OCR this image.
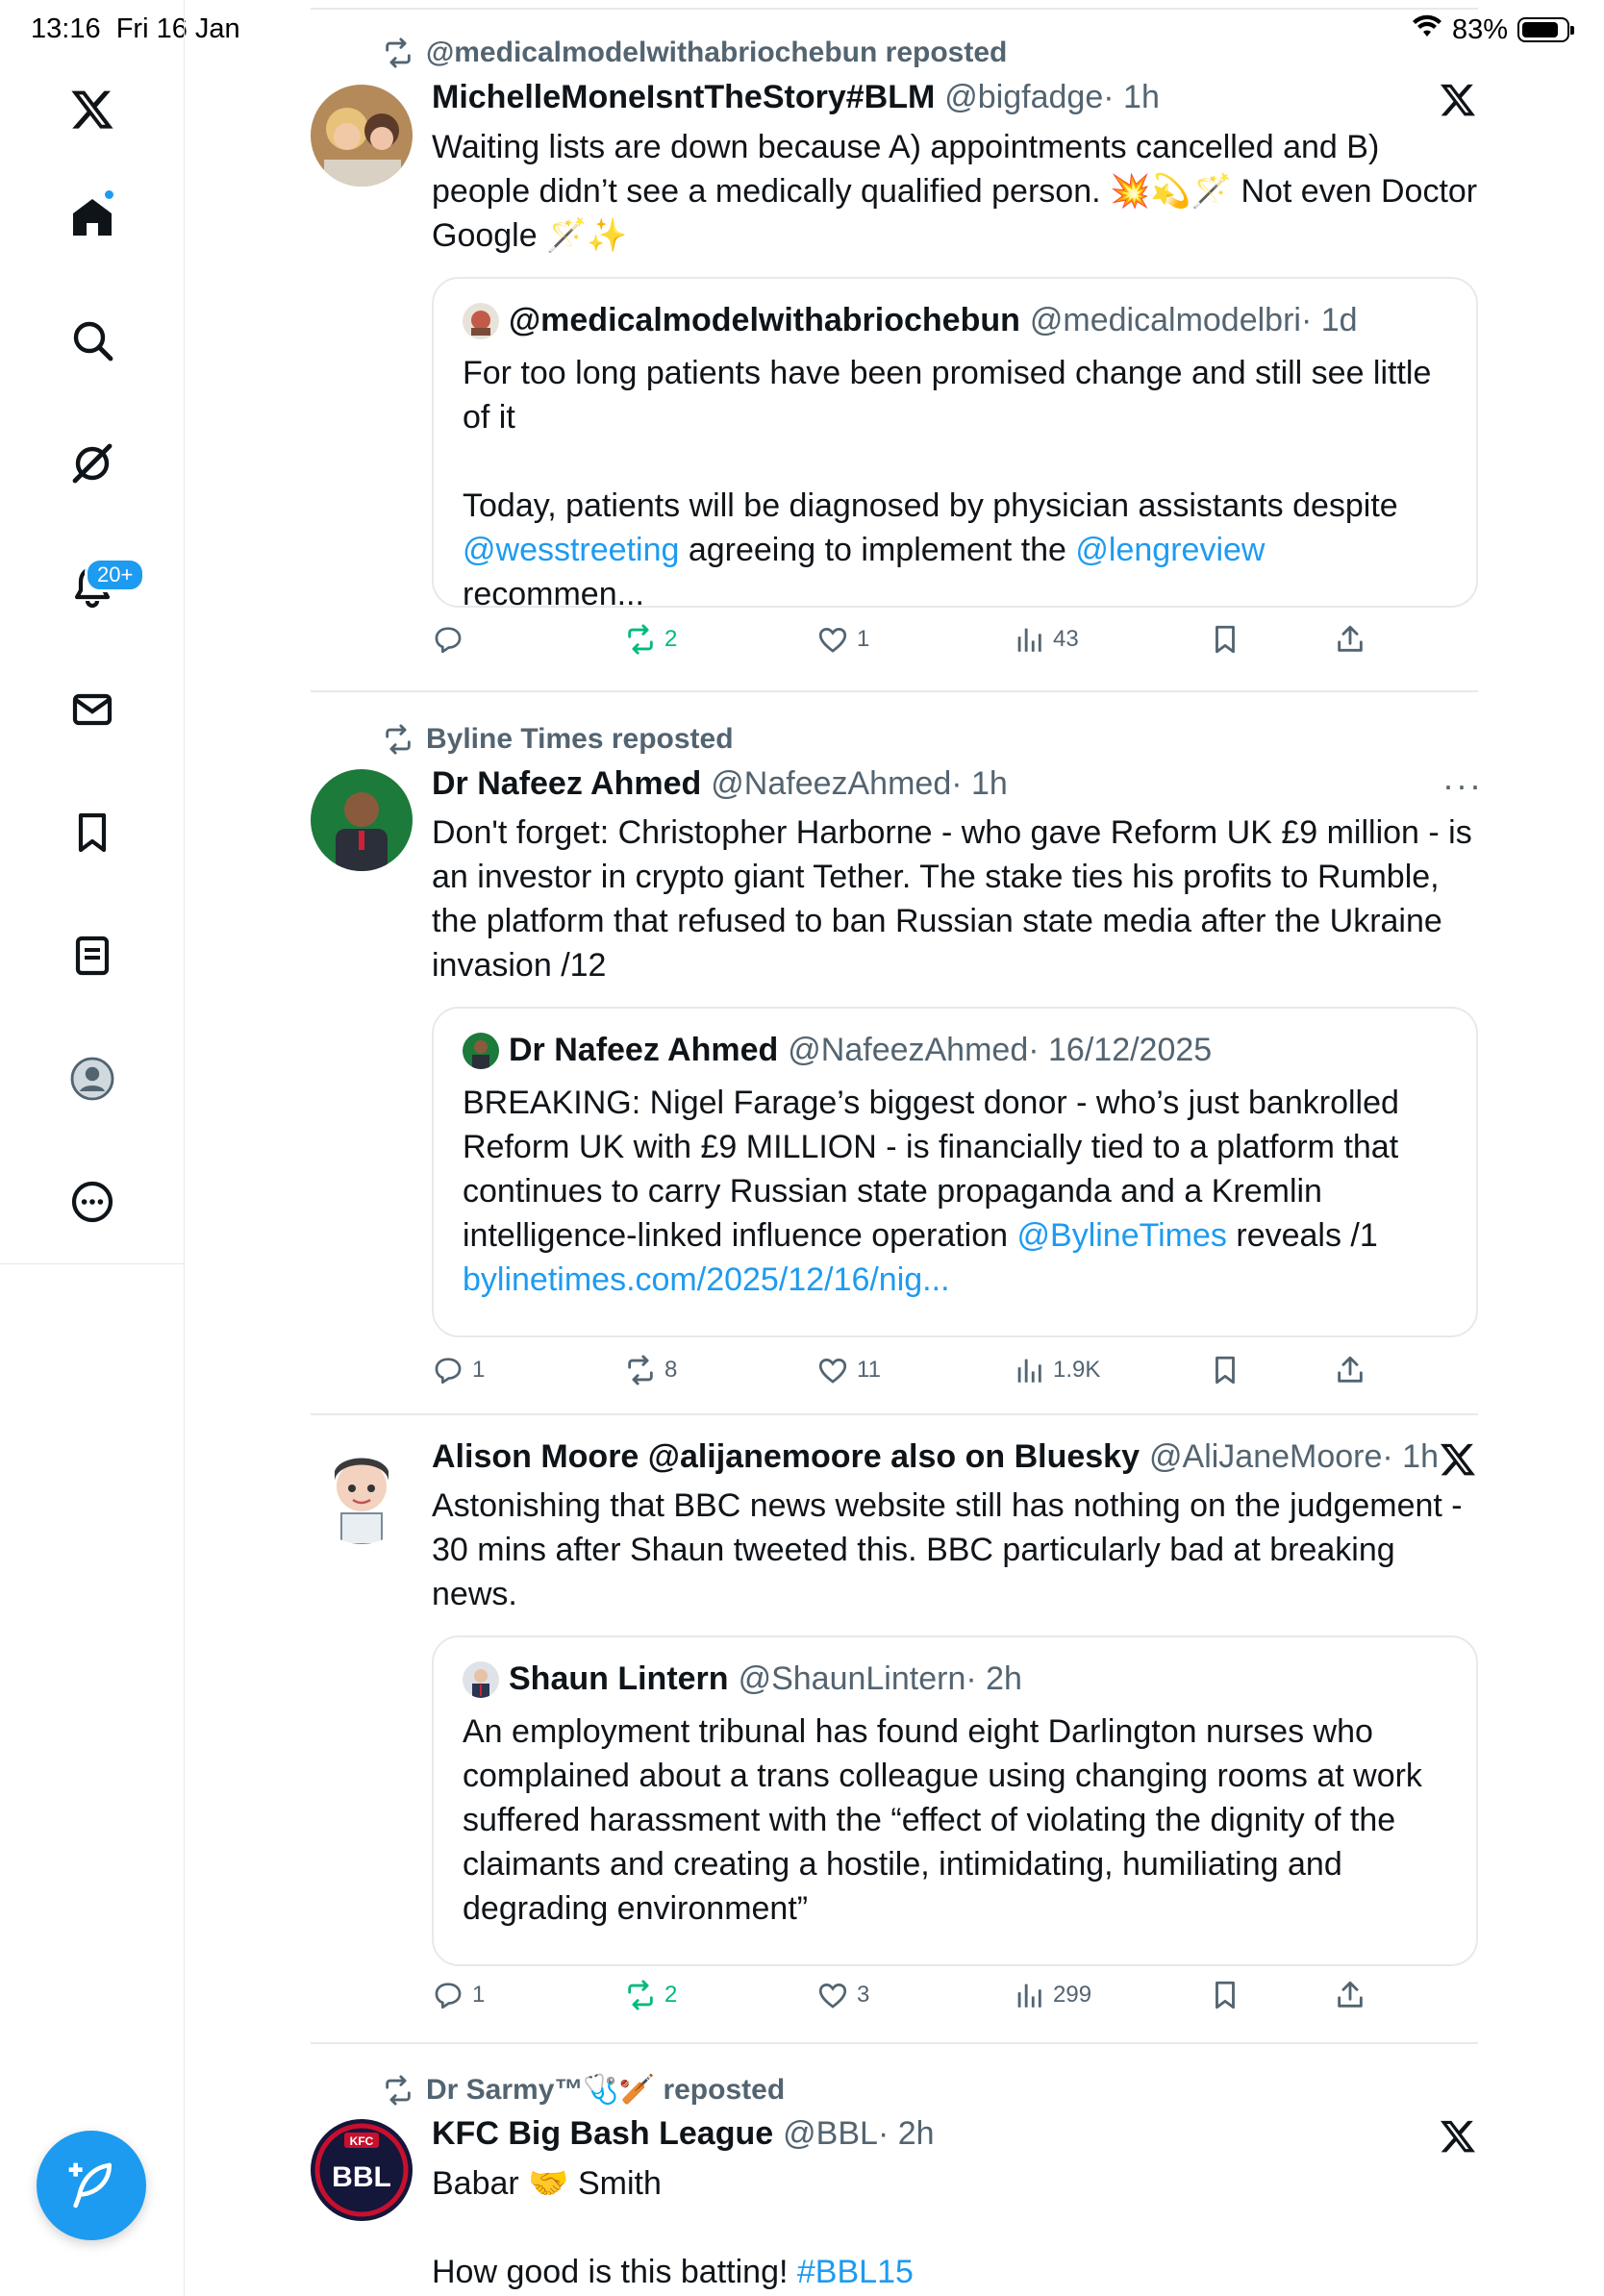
13:16 Fri 16 Jan	83%
20+
@medicalmodelwithabriochebun reposted
MichelleMoneIsntTheStory#BLM @bigfadge· 1h
Waiting lists are down because A) appointments cancelled and B) people didn’t see a medically qualified person. 💥💫🪄 Not even Doctor Google 🪄✨
@medicalmodelwithabriochebun @medicalmodelbri· 1d
For too long patients have been promised change and still see little of it
Today, patients will be diagnosed by physician assistants despite @wesstreeting agreeing to implement the @lengreview recommen...
2	1	43
Byline Times reposted
Dr Nafeez Ahmed @NafeezAhmed· 1h	···
Don't forget: Christopher Harborne - who gave Reform UK £9 million - is an investor in crypto giant Tether. The stake ties his profits to Rumble, the platform that refused to ban Russian state media after the Ukraine invasion /12
Dr Nafeez Ahmed @NafeezAhmed· 16/12/2025
BREAKING: Nigel Farage’s biggest donor - who’s just bankrolled Reform UK with £9 MILLION - is financially tied to a platform that continues to carry Russian state propaganda and a Kremlin intelligence-linked influence operation @BylineTimes reveals /1
bylinetimes.com/2025/12/16/nig...
1	8	11	1.9K
Alison Moore @alijanemoore also on Bluesky @AliJaneMoore· 1h
Astonishing that BBC news website still has nothing on the judgement - 30 mins after Shaun tweeted this. BBC particularly bad at breaking news.
Shaun Lintern @ShaunLintern· 2h
An employment tribunal has found eight Darlington nurses who complained about a trans colleague using changing rooms at work suffered harassment with the “effect of violating the dignity of the claimants and creating a hostile, intimidating, humiliating and degrading environment”
1	2	3	299
Dr Sarmy™🩺🏏 reposted
KFC
BBL
KFC Big Bash League @BBL· 2h
Babar 🤝 Smith
How good is this batting! #BBL15
